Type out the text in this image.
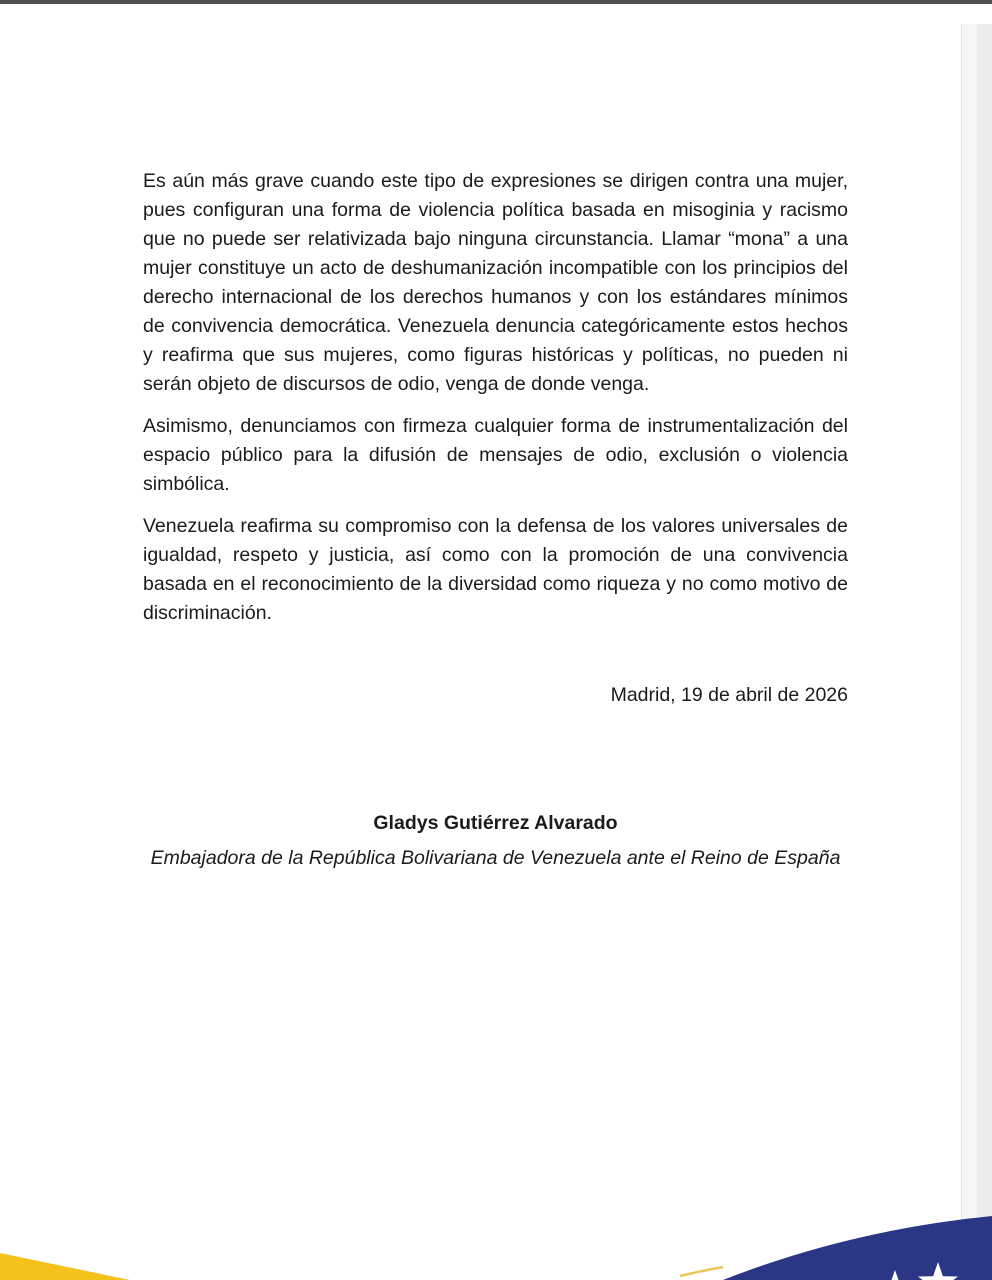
Es aún más grave cuando este tipo de expresiones se dirigen contra una mujer, pues configuran una forma de violencia política basada en misoginia y racismo que no puede ser relativizada bajo ninguna circunstancia. Llamar “mona” a una mujer constituye un acto de deshumanización incompatible con los principios del derecho internacional de los derechos humanos y con los estándares mínimos de convivencia democrática. Venezuela denuncia categóricamente estos hechos y reafirma que sus mujeres, como figuras históricas y políticas, no pueden ni serán objeto de discursos de odio, venga de donde venga.

Asimismo, denunciamos con firmeza cualquier forma de instrumentalización del espacio público para la difusión de mensajes de odio, exclusión o violencia simbólica.

Venezuela reafirma su compromiso con la defensa de los valores universales de igualdad, respeto y justicia, así como con la promoción de una convivencia basada en el reconocimiento de la diversidad como riqueza y no como motivo de discriminación.

Madrid, 19 de abril de 2026
Gladys Gutiérrez Alvarado
Embajadora de la República Bolivariana de Venezuela ante el Reino de España
